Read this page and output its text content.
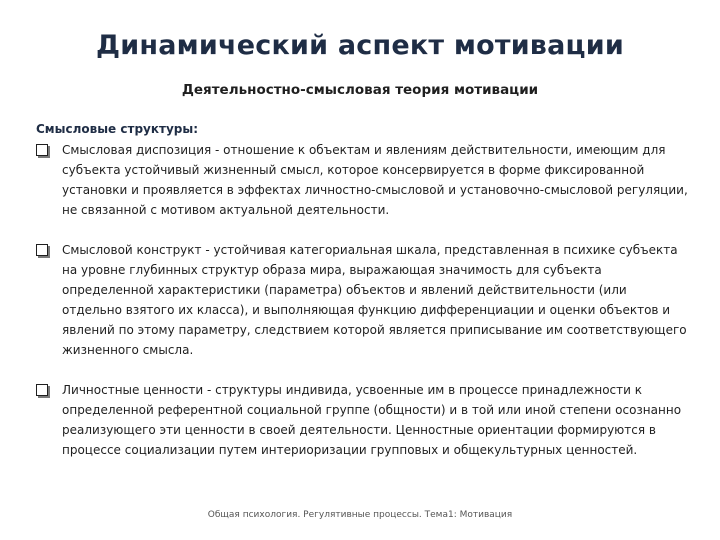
Динамический аспект мотивации
Деятельностно-смысловая теория мотивации
Смысловые структуры:
Смысловая диспозиция - отношение к объектам и явлениям действительности, имеющим для субъекта устойчивый жизненный смысл, которое консервируется в форме фиксированной установки и проявляется в эффектах личностно-смысловой и установочно-смысловой регуляции, не связанной с мотивом актуальной деятельности.
Смысловой конструкт - устойчивая категориальная шкала, представленная в психике субъекта на уровне глубинных структур образа мира, выражающая значимость для субъекта определенной характеристики (параметра) объектов и явлений действительности (или отдельно взятого их класса), и выполняющая функцию дифференциации и оценки объектов и явлений по этому параметру, следствием которой является приписывание им соответствующего жизненного смысла.
Личностные ценности - структуры индивида, усвоенные им в процессе принадлежности к определенной референтной социальной группе (общности) и в той или иной степени осознанно реализующего эти ценности в своей деятельности. Ценностные ориентации формируются в процессе социализации путем интериоризации групповых и общекультурных ценностей.
Общая психология. Регулятивные процессы. Тема1: Мотивация
